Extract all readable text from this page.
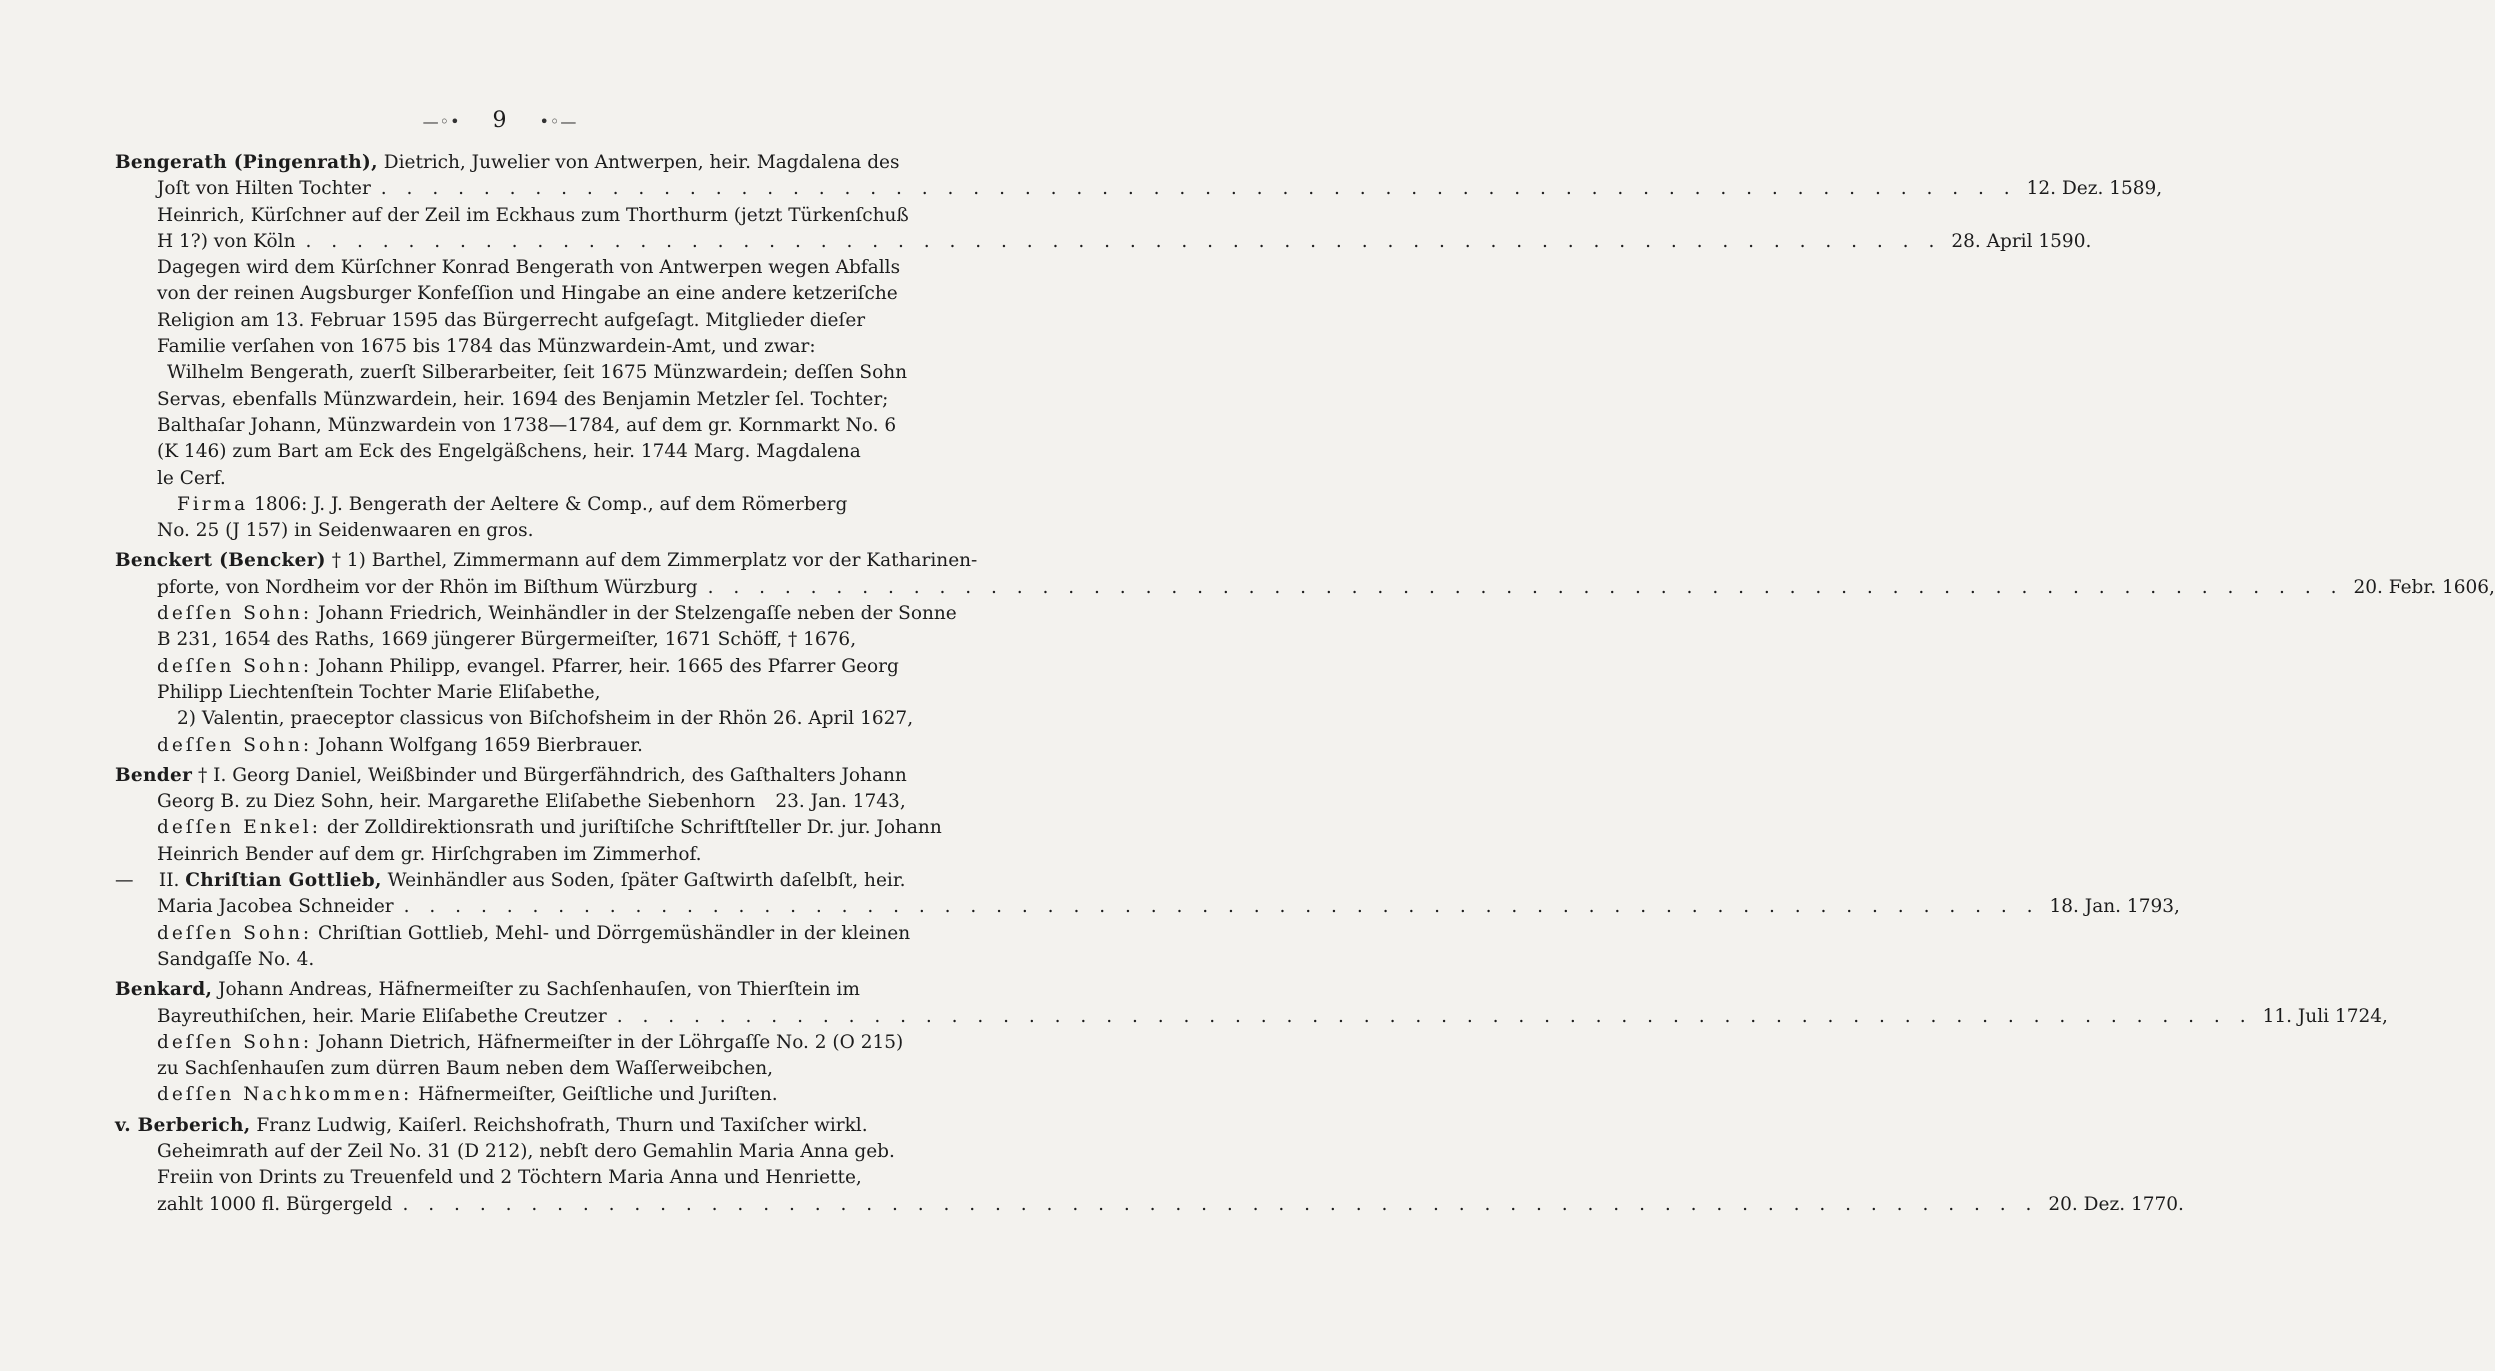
—◦• 9 •◦—
Bengerath (Pingenrath), Dietrich, Juwelier von Antwerpen, heir. Magdalena des
Joſt von Hilten Tochter . . .	12. Dez. 1589,
Heinrich, Kürſchner auf der Zeil im Eckhaus zum Thorthurm (jetzt Türkenſchuß
H 1?) von Köln . . .	28. April 1590.
Dagegen wird dem Kürſchner Konrad Bengerath von Antwerpen wegen Abfalls
von der reinen Augsburger Konfeſſion und Hingabe an eine andere ketzeriſche
Religion am 13. Februar 1595 das Bürgerrecht aufgeſagt. Mitglieder dieſer
Familie verſahen von 1675 bis 1784 das Münzwardein-Amt, und zwar:
Wilhelm Bengerath, zuerſt Silberarbeiter, ſeit 1675 Münzwardein; deſſen Sohn
Servas, ebenfalls Münzwardein, heir. 1694 des Benjamin Metzler ſel. Tochter;
Balthaſar Johann, Münzwardein von 1738—1784, auf dem gr. Kornmarkt No. 6
(K 146) zum Bart am Eck des Engelgäßchens, heir. 1744 Marg. Magdalena
le Cerf.
Firma 1806: J. J. Bengerath der Aeltere & Comp., auf dem Römerberg
No. 25 (J 157) in Seidenwaaren en gros.
Benckert (Bencker) † 1) Barthel, Zimmermann auf dem Zimmerplatz vor der Katharinen-
pforte, von Nordheim vor der Rhön im Biſthum Würzburg . . .	20. Febr. 1606,
deſſen Sohn: Johann Friedrich, Weinhändler in der Stelzengaſſe neben der Sonne
B 231, 1654 des Raths, 1669 jüngerer Bürgermeiſter, 1671 Schöff, † 1676,
deſſen Sohn: Johann Philipp, evangel. Pfarrer, heir. 1665 des Pfarrer Georg
Philipp Liechtenſtein Tochter Marie Eliſabethe,
2) Valentin, praeceptor classicus von Biſchofsheim in der Rhön 26. April 1627,
deſſen Sohn: Johann Wolfgang 1659 Bierbrauer.
Bender † I. Georg Daniel, Weißbinder und Bürgerfähndrich, des Gaſthalters Johann
Georg B. zu Diez Sohn, heir. Margarethe Eliſabethe Siebenhorn 23. Jan. 1743,
deſſen Enkel: der Zolldirektionsrath und juriſtiſche Schriftſteller Dr. jur. Johann
Heinrich Bender auf dem gr. Hirſchgraben im Zimmerhof.
— II. Chriſtian Gottlieb, Weinhändler aus Soden, ſpäter Gaſtwirth daſelbſt, heir.
Maria Jacobea Schneider . . .	18. Jan. 1793,
deſſen Sohn: Chriſtian Gottlieb, Mehl- und Dörrgemüshändler in der kleinen
Sandgaſſe No. 4.
Benkard, Johann Andreas, Häfnermeiſter zu Sachſenhauſen, von Thierſtein im
Bayreuthiſchen, heir. Marie Eliſabethe Creutzer . . .	11. Juli 1724,
deſſen Sohn: Johann Dietrich, Häfnermeiſter in der Löhrgaſſe No. 2 (O 215)
zu Sachſenhauſen zum dürren Baum neben dem Waſſerweibchen,
deſſen Nachkommen: Häfnermeiſter, Geiſtliche und Juriſten.
v. Berberich, Franz Ludwig, Kaiſerl. Reichshofrath, Thurn und Taxiſcher wirkl.
Geheimrath auf der Zeil No. 31 (D 212), nebſt dero Gemahlin Maria Anna geb.
Freiin von Drints zu Treuenfeld und 2 Töchtern Maria Anna und Henriette,
zahlt 1000 fl. Bürgergeld . . .	20. Dez. 1770.
